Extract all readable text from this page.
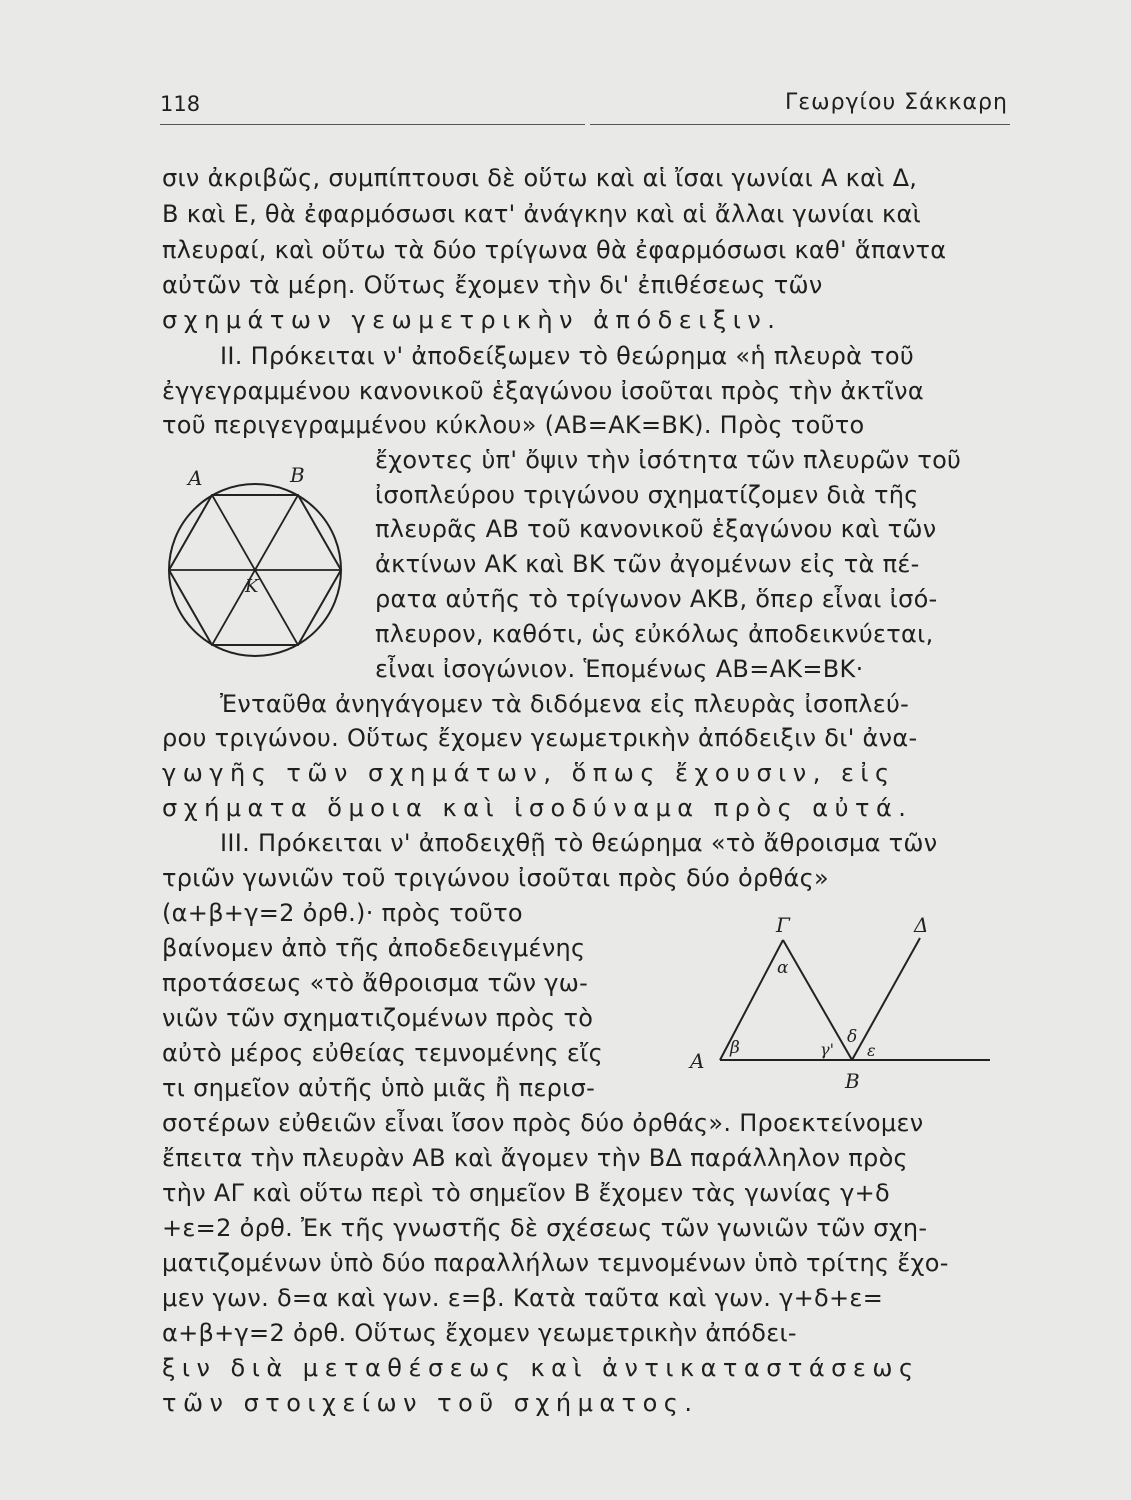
118	Γεωργίου Σάκκαρη
σιν ἀκριβῶς, συμπίπτουσι δὲ οὕτω καὶ αἱ ἴσαι γωνίαι Α καὶ Δ,
Β καὶ Ε, θὰ ἐφαρμόσωσι κατ' ἀνάγκην καὶ αἱ ἄλλαι γωνίαι καὶ
πλευραί, καὶ οὕτω τὰ δύο τρίγωνα θὰ ἐφαρμόσωσι καθ' ἅπαντα
αὐτῶν τὰ μέρη. Οὕτως ἔχομεν τὴν δι' ἐπιθέσεως τῶν
σχημάτων γεωμετρικὴν ἀπόδειξιν.
ΙΙ. Πρόκειται ν' ἀποδείξωμεν τὸ θεώρημα «ἡ πλευρὰ τοῦ
ἐγγεγραμμένου κανονικοῦ ἑξαγώνου ἰσοῦται πρὸς τὴν ἀκτῖνα
τοῦ περιγεγραμμένου κύκλου» (ΑΒ=ΑΚ=ΒΚ). Πρὸς τοῦτο
ἔχοντες ὑπ' ὄψιν τὴν ἰσότητα τῶν πλευρῶν τοῦ
ἰσοπλεύρου τριγώνου σχηματίζομεν διὰ τῆς
πλευρᾶς ΑΒ τοῦ κανονικοῦ ἑξαγώνου καὶ τῶν
ἀκτίνων ΑΚ καὶ ΒΚ τῶν ἀγομένων εἰς τὰ πέ-
ρατα αὐτῆς τὸ τρίγωνον ΑΚΒ, ὅπερ εἶναι ἰσό-
πλευρον, καθότι, ὡς εὐκόλως ἀποδεικνύεται,
εἶναι ἰσογώνιον. Ἑπομένως ΑΒ=ΑΚ=ΒΚ·
Ἐνταῦθα ἀνηγάγομεν τὰ διδόμενα εἰς πλευρὰς ἰσοπλεύ-
ρου τριγώνου. Οὕτως ἔχομεν γεωμετρικὴν ἀπόδειξιν δι' ἀνα-
γωγῆς τῶν σχημάτων, ὅπως ἔχουσιν, εἰς
σχήματα ὅμοια καὶ ἰσοδύναμα πρὸς αὐτά.
ΙΙΙ. Πρόκειται ν' ἀποδειχθῇ τὸ θεώρημα «τὸ ἄθροισμα τῶν
τριῶν γωνιῶν τοῦ τριγώνου ἰσοῦται πρὸς δύο ὀρθάς»
(α+β+γ=2 ὀρθ.)· πρὸς τοῦτο
βαίνομεν ἀπὸ τῆς ἀποδεδειγμένης
προτάσεως «τὸ ἄθροισμα τῶν γω-
νιῶν τῶν σχηματιζομένων πρὸς τὸ
αὐτὸ μέρος εὐθείας τεμνομένης εἴς
τι σημεῖον αὐτῆς ὑπὸ μιᾶς ἢ περισ-
σοτέρων εὐθειῶν εἶναι ἴσον πρὸς δύο ὀρθάς». Προεκτείνομεν
ἔπειτα τὴν πλευρὰν ΑΒ καὶ ἄγομεν τὴν ΒΔ παράλληλον πρὸς
τὴν ΑΓ καὶ οὕτω περὶ τὸ σημεῖον Β ἔχομεν τὰς γωνίας γ+δ
+ε=2 ὀρθ. Ἐκ τῆς γνωστῆς δὲ σχέσεως τῶν γωνιῶν τῶν σχη-
ματιζομένων ὑπὸ δύο παραλλήλων τεμνομένων ὑπὸ τρίτης ἔχο-
μεν γων. δ=α καὶ γων. ε=β. Κατὰ ταῦτα καὶ γων. γ+δ+ε=
α+β+γ=2 ὀρθ. Οὕτως ἔχομεν γεωμετρικὴν ἀπόδει-
ξιν διὰ μεταθέσεως καὶ ἀντικαταστάσεως
τῶν στοιχείων τοῦ σχήματος.
Α	Β
Κ
Γ	Δ
Α
Β
α
β	γ'
δ
ε
